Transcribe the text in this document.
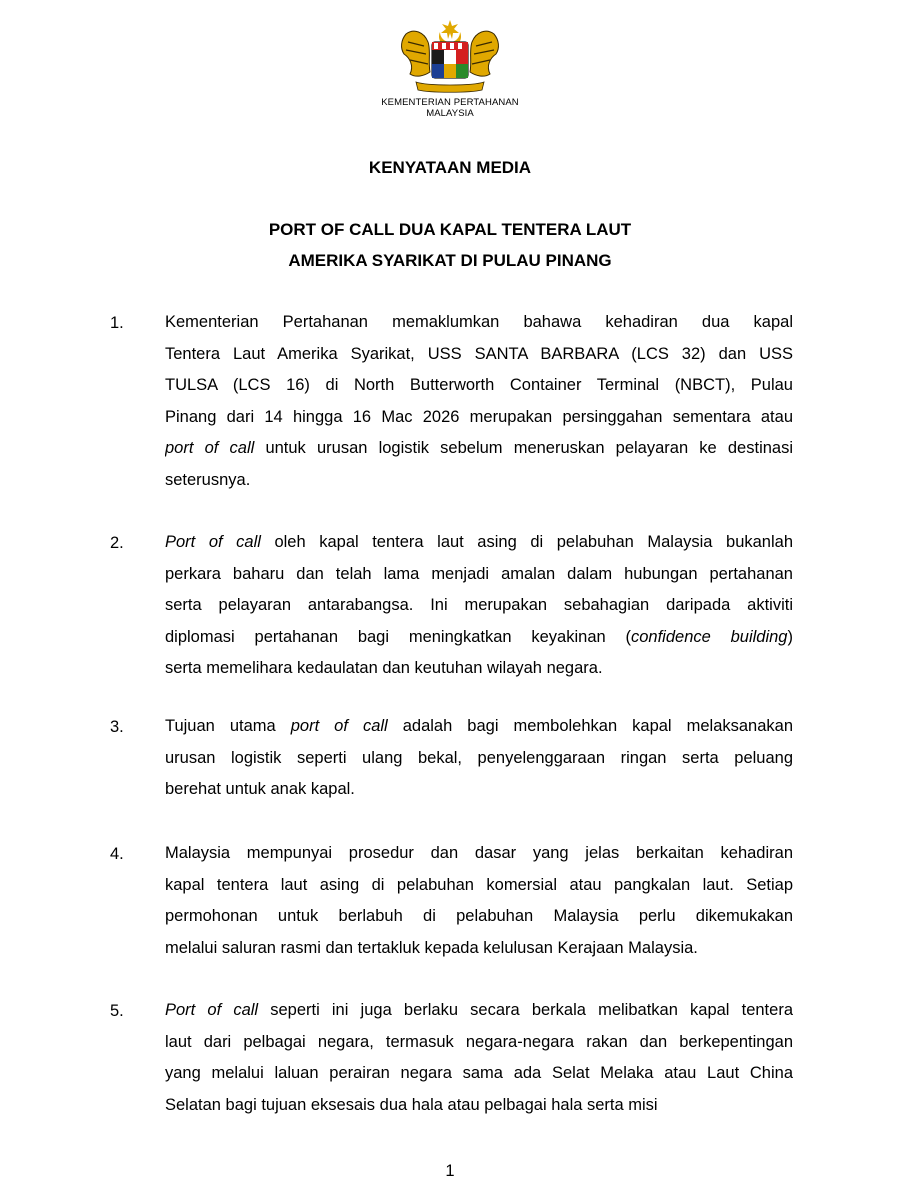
KEMENTERIAN PERTAHANAN
MALAYSIA
KENYATAAN MEDIA
PORT OF CALL DUA KAPAL TENTERA LAUT
AMERIKA SYARIKAT DI PULAU PINANG
1. Kementerian Pertahanan memaklumkan bahawa kehadiran dua kapal
Tentera Laut Amerika Syarikat, USS SANTA BARBARA (LCS 32) dan USS
TULSA (LCS 16) di North Butterworth Container Terminal (NBCT), Pulau
Pinang dari 14 hingga 16 Mac 2026 merupakan persinggahan sementara atau
port of call untuk urusan logistik sebelum meneruskan pelayaran ke destinasi
seterusnya.
2. Port of call oleh kapal tentera laut asing di pelabuhan Malaysia bukanlah
perkara baharu dan telah lama menjadi amalan dalam hubungan pertahanan
serta pelayaran antarabangsa. Ini merupakan sebahagian daripada aktiviti
diplomasi pertahanan bagi meningkatkan keyakinan (confidence building)
serta memelihara kedaulatan dan keutuhan wilayah negara.
3. Tujuan utama port of call adalah bagi membolehkan kapal melaksanakan
urusan logistik seperti ulang bekal, penyelenggaraan ringan serta peluang
berehat untuk anak kapal.
4. Malaysia mempunyai prosedur dan dasar yang jelas berkaitan kehadiran
kapal tentera laut asing di pelabuhan komersial atau pangkalan laut. Setiap
permohonan untuk berlabuh di pelabuhan Malaysia perlu dikemukakan
melalui saluran rasmi dan tertakluk kepada kelulusan Kerajaan Malaysia.
5. Port of call seperti ini juga berlaku secara berkala melibatkan kapal tentera
laut dari pelbagai negara, termasuk negara-negara rakan dan berkepentingan
yang melalui laluan perairan negara sama ada Selat Melaka atau Laut China
Selatan bagi tujuan eksesais dua hala atau pelbagai hala serta misi
1
